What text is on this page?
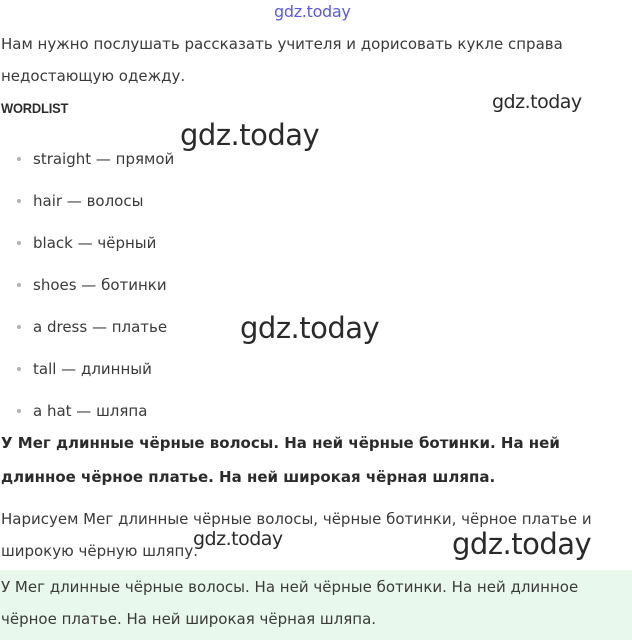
gdz.today
Нам нужно послушать рассказать учителя и дорисовать кукле справа недостающую одежду.
WORDLIST
straight — прямой
hair — волосы
black — чёрный
shoes — ботинки
a dress — платье
tall — длинный
a hat — шляпа
У Мег длинные чёрные волосы. На ней чёрные ботинки. На ней длинное чёрное платье. На ней широкая чёрная шляпа.
Нарисуем Мег длинные чёрные волосы, чёрные ботинки, чёрное платье и широкую чёрную шляпу.
У Мег длинные чёрные волосы. На ней чёрные ботинки. На ней длинное чёрное платье. На ней широкая чёрная шляпа.
gdz.today
gdz.today
gdz.today
gdz.today	gdz.today
